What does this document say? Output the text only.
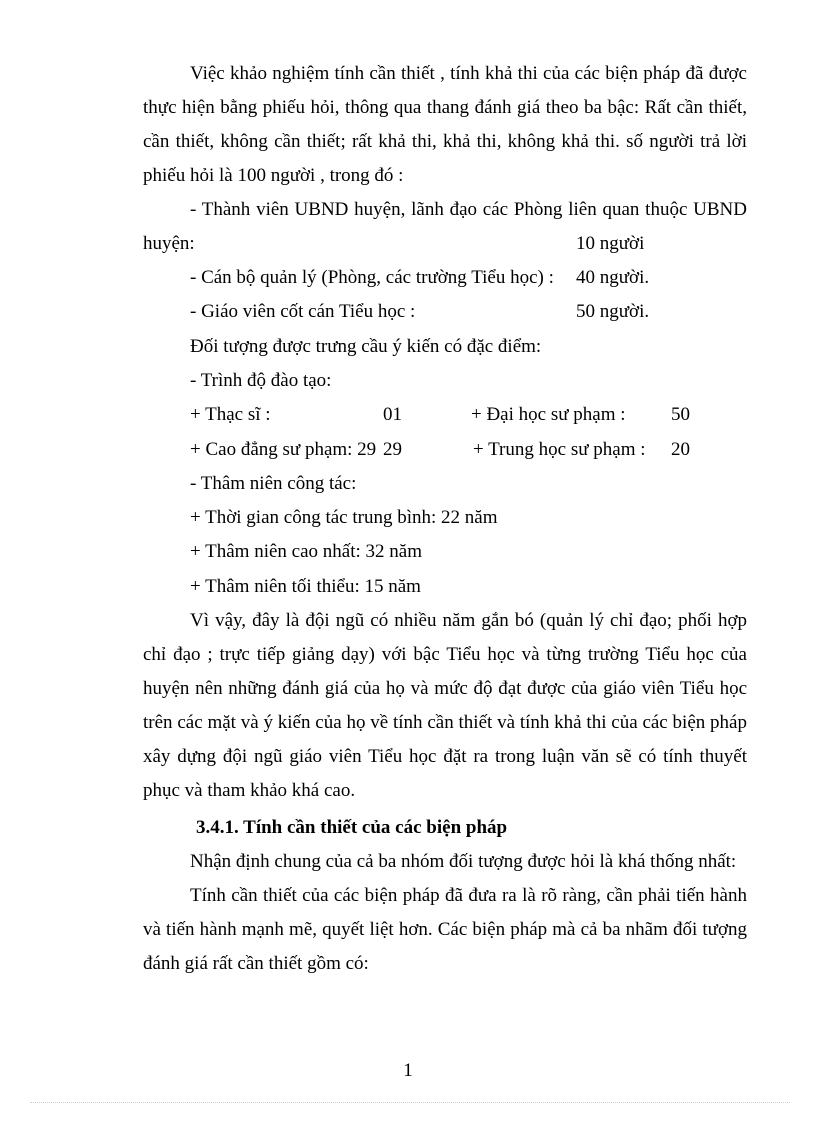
Việc khảo nghiệm tính cần thiết , tính khả thi của các biện pháp đã được thực hiện bằng phiếu hỏi, thông qua thang đánh giá theo ba bậc: Rất cần thiết, cần thiết, không cần thiết; rất khả thi, khả thi, không khả thi. số người trả lời phiếu hỏi là 100 người , trong đó :
- Thành viên UBND huyện, lãnh đạo các Phòng liên quan thuộc UBND
huyện:	10 người
- Cán bộ quản lý (Phòng, các trường Tiểu học) : 40 người.
- Giáo viên cốt cán Tiểu học :	50 người.
Đối tượng được trưng cầu ý kiến có đặc điểm:
- Trình độ đào tạo:
+ Thạc sĩ :	01	+ Đại học sư phạm : 50
+ Cao đẳng sư phạm: 29 29	+ Trung học sư phạm : 20
- Thâm niên công tác:
+ Thời gian công tác trung bình: 22 năm
+ Thâm niên cao nhất: 32 năm
+ Thâm niên tối thiểu: 15 năm
Vì vậy, đây là đội ngũ có nhiều năm gắn bó (quản lý chỉ đạo; phối hợp chỉ đạo ; trực tiếp giảng dạy) với bậc Tiểu học và từng trường Tiểu học của huyện nên những đánh giá của họ và mức độ đạt được của giáo viên Tiểu học trên các mặt và ý kiến của họ về tính cần thiết và tính khả thi của các biện pháp xây dựng đội ngũ giáo viên Tiểu học đặt ra trong luận văn sẽ có tính thuyết phục và tham khảo khá cao.
3.4.1. Tính cần thiết của các biện pháp
Nhận định chung của cả ba nhóm đối tượng được hỏi là khá thống nhất:
Tính cần thiết của các biện pháp đã đưa ra là rõ ràng, cần phải tiến hành và tiến hành mạnh mẽ, quyết liệt hơn. Các biện pháp mà cả ba nhãm đối tượng đánh giá rất cần thiết gồm có:
1
